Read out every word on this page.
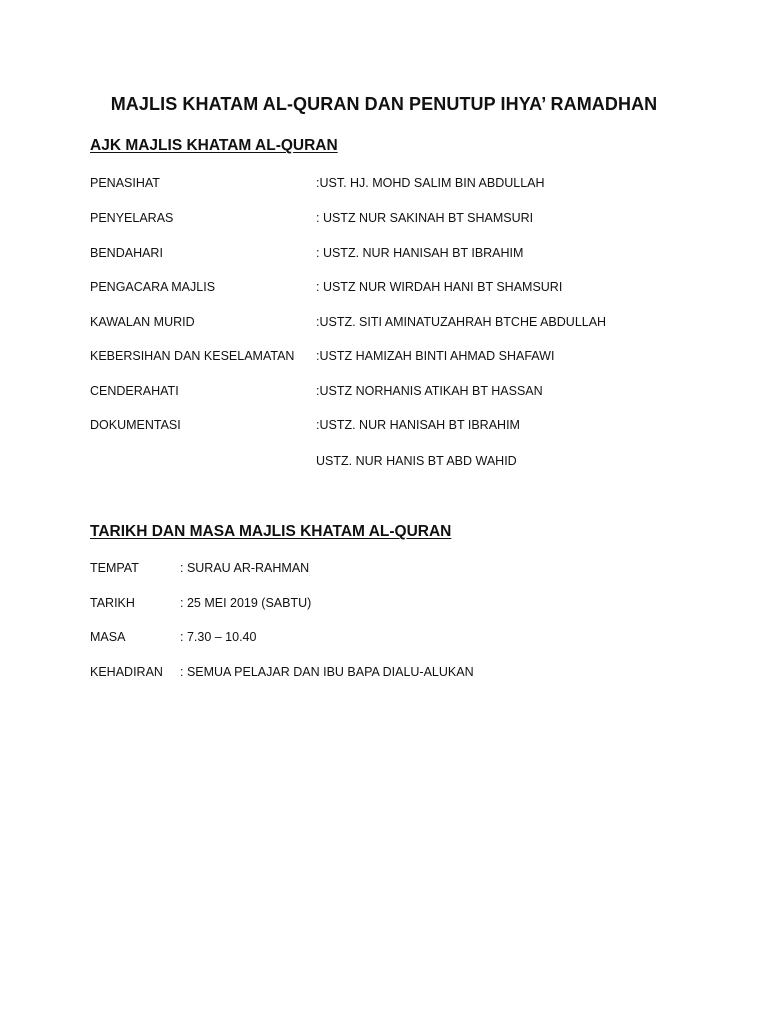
MAJLIS KHATAM AL-QURAN DAN PENUTUP IHYA’ RAMADHAN
AJK MAJLIS KHATAM AL-QURAN
PENASIHAT	:UST. HJ. MOHD SALIM BIN ABDULLAH
PENYELARAS	: USTZ NUR SAKINAH BT SHAMSURI
BENDAHARI	: USTZ. NUR HANISAH BT IBRAHIM
PENGACARA MAJLIS	: USTZ NUR WIRDAH HANI BT SHAMSURI
KAWALAN MURID	:USTZ. SITI AMINATUZAHRAH BTCHE ABDULLAH
KEBERSIHAN DAN KESELAMATAN :USTZ HAMIZAH BINTI AHMAD SHAFAWI
CENDERAHATI	:USTZ NORHANIS ATIKAH BT HASSAN
DOKUMENTASI	:USTZ. NUR HANISAH BT IBRAHIM
USTZ. NUR HANIS BT ABD WAHID
TARIKH DAN MASA MAJLIS KHATAM AL-QURAN
TEMPAT	: SURAU AR-RAHMAN
TARIKH	: 25 MEI 2019 (SABTU)
MASA	: 7.30 – 10.40
KEHADIRAN : SEMUA PELAJAR DAN IBU BAPA DIALU-ALUKAN
